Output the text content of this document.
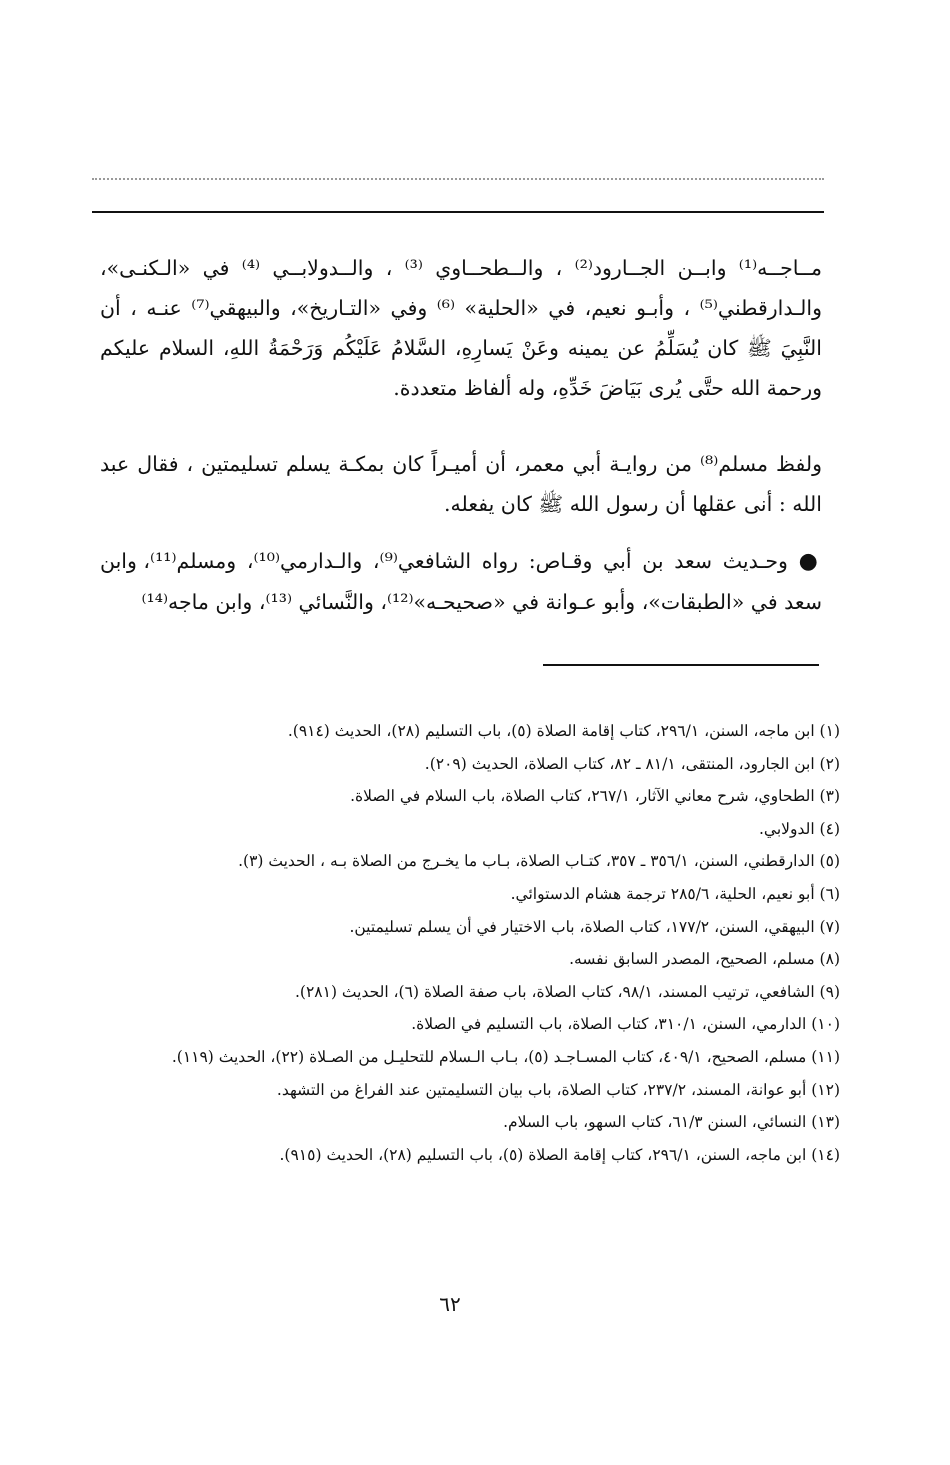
مــاجــه⁽¹⁾ وابــن الجــارود⁽²⁾ ، والــطحــاوي ⁽³⁾ ، والــدولابــي ⁽⁴⁾ في «الـكنـى»، والـدارقطني⁽⁵⁾ ، وأبـو نعيم، في «الحلية» ⁽⁶⁾ وفي «التـاريخ»، والبيهقي⁽⁷⁾ عنـه ، أن النَّبِيَ ﷺ كان يُسَلِّمُ عن يمينه وعَنْ يَسارِهِ، السَّلامُ عَلَيْكُم وَرَحْمَةُ اللهِ، السلام عليكم ورحمة الله حتَّى يُرى بَيَاضَ خَدِّهِ، وله ألفاظ متعددة.

ولفظ مسلم⁽⁸⁾ من روايـة أبي معمر، أن أميـراً كان بمكـة يسلم تسليمتين ، فقال عبد الله : أنى عقلها أن رسول الله ﷺ كان يفعله.

● وحـديث سعد بن أبي وقـاص: رواه الشافعي⁽⁹⁾، والـدارمي⁽¹⁰⁾، ومسلم⁽¹¹⁾، وابن سعد في «الطبقات»، وأبو عـوانة في «صحيحـه»⁽¹²⁾، والنَّسائي ⁽¹³⁾، وابن ماجه⁽¹⁴⁾

(١) ابن ماجه، السنن، ٢٩٦/١، كتاب إقامة الصلاة (٥)، باب التسليم (٢٨)، الحديث (٩١٤).
(٢) ابن الجارود، المنتقى، ٨١/١ ـ ٨٢، كتاب الصلاة، الحديث (٢٠٩).
(٣) الطحاوي، شرح معاني الآثار، ٢٦٧/١، كتاب الصلاة، باب السلام في الصلاة.
(٤) الدولابي.
(٥) الدارقطني، السنن، ٣٥٦/١ ـ ٣٥٧، كتـاب الصلاة، بـاب ما يخـرج من الصلاة بـه ، الحديث (٣).
(٦) أبو نعيم، الحلية، ٢٨٥/٦ ترجمة هشام الدستوائي.
(٧) البيهقي، السنن، ١٧٧/٢، كتاب الصلاة، باب الاختيار في أن يسلم تسليمتين.
(٨) مسلم، الصحيح، المصدر السابق نفسه.
(٩) الشافعي، ترتيب المسند، ٩٨/١، كتاب الصلاة، باب صفة الصلاة (٦)، الحديث (٢٨١).
(١٠) الدارمي، السنن، ٣١٠/١، كتاب الصلاة، باب التسليم في الصلاة.
(١١) مسلم، الصحيح، ٤٠٩/١، كتاب المسـاجـد (٥)، بـاب الـسلام للتحليـل من الصـلاة (٢٢)، الحديث (١١٩).
(١٢) أبو عوانة، المسند، ٢٣٧/٢، كتاب الصلاة، باب بيان التسليمتين عند الفراغ من التشهد.
(١٣) النسائي، السنن ٦١/٣، كتاب السهو، باب السلام.
(١٤) ابن ماجه، السنن، ٢٩٦/١، كتاب إقامة الصلاة (٥)، باب التسليم (٢٨)، الحديث (٩١٥).
٦٢
